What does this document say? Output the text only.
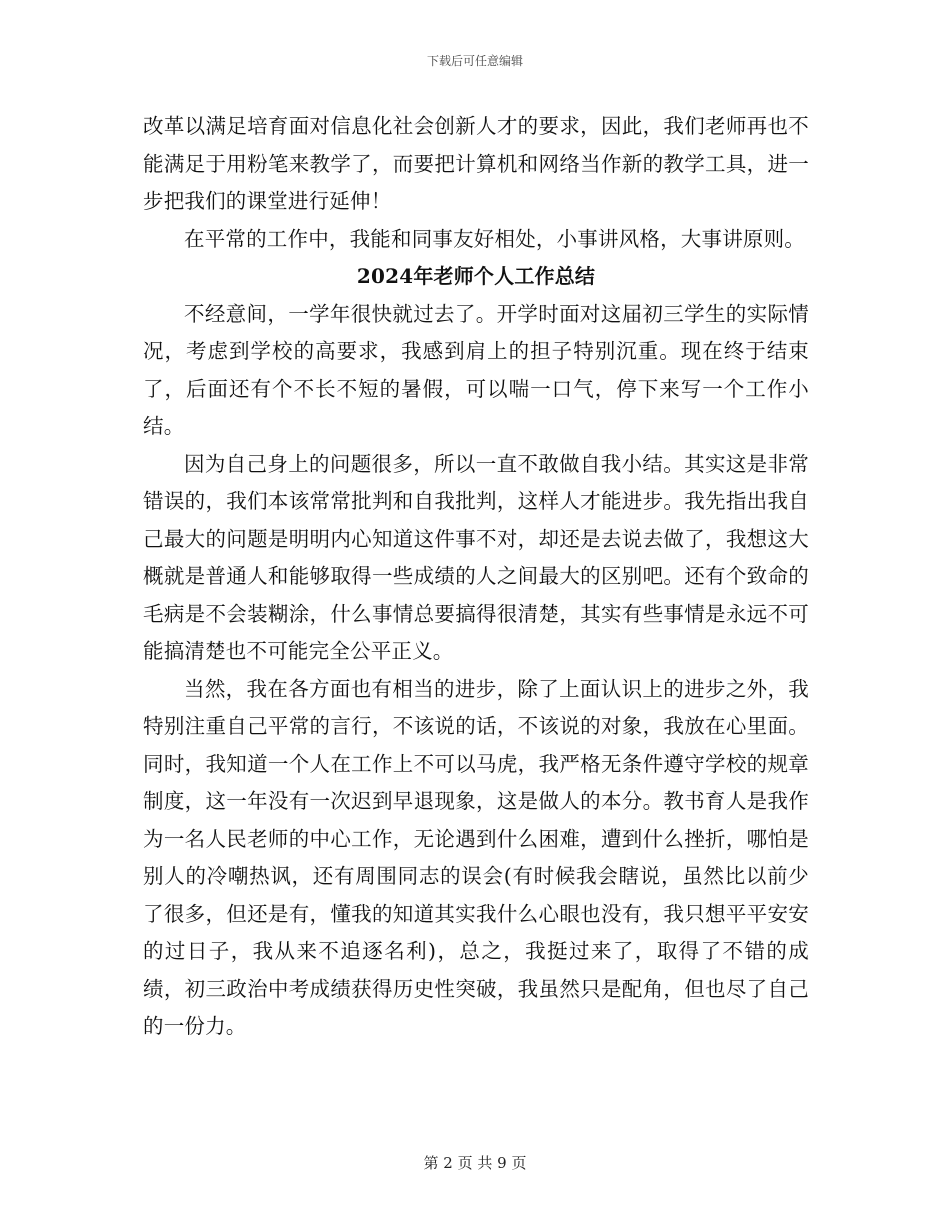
下载后可任意编辑

改革以满足培育面对信息化社会创新人才的要求，因此，我们老师再也不能满足于用粉笔来教学了，而要把计算机和网络当作新的教学工具，进一步把我们的课堂进行延伸！

在平常的工作中，我能和同事友好相处，小事讲风格，大事讲原则。

2024年老师个人工作总结

不经意间，一学年很快就过去了。开学时面对这届初三学生的实际情况，考虑到学校的高要求，我感到肩上的担子特别沉重。现在终于结束了，后面还有个不长不短的暑假，可以喘一口气，停下来写一个工作小结。

因为自己身上的问题很多，所以一直不敢做自我小结。其实这是非常错误的，我们本该常常批判和自我批判，这样人才能进步。我先指出我自己最大的问题是明明内心知道这件事不对，却还是去说去做了，我想这大概就是普通人和能够取得一些成绩的人之间最大的区别吧。还有个致命的毛病是不会装糊涂，什么事情总要搞得很清楚，其实有些事情是永远不可能搞清楚也不可能完全公平正义。

当然，我在各方面也有相当的进步，除了上面认识上的进步之外，我特别注重自己平常的言行，不该说的话，不该说的对象，我放在心里面。同时，我知道一个人在工作上不可以马虎，我严格无条件遵守学校的规章制度，这一年没有一次迟到早退现象，这是做人的本分。教书育人是我作为一名人民老师的中心工作，无论遇到什么困难，遭到什么挫折，哪怕是别人的冷嘲热讽，还有周围同志的误会(有时候我会瞎说，虽然比以前少了很多，但还是有，懂我的知道其实我什么心眼也没有，我只想平平安安的过日子，我从来不追逐名利)，总之，我挺过来了，取得了不错的成绩，初三政治中考成绩获得历史性突破，我虽然只是配角，但也尽了自己的一份力。

第 2 页 共 9 页
